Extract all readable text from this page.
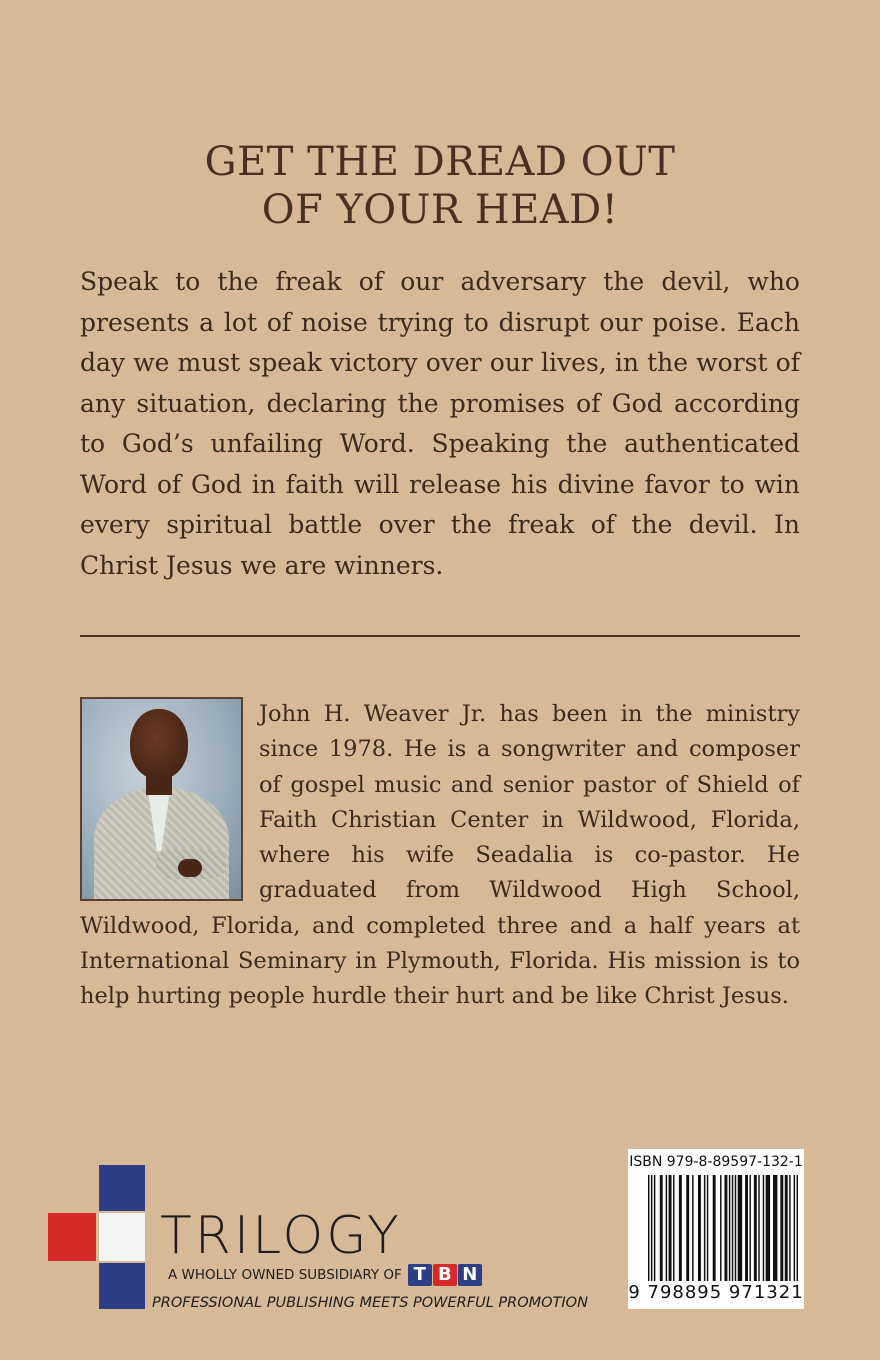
GET THE DREAD OUT
OF YOUR HEAD!

Speak to the freak of our adversary the devil, who presents a lot of noise trying to disrupt our poise. Each day we must speak victory over our lives, in the worst of any situation, declaring the promises of God according to God’s unfailing Word. Speaking the authenticated Word of God in faith will release his divine favor to win every spiritual battle over the freak of the devil. In Christ Jesus we are winners.

John H. Weaver Jr. has been in the ministry since 1978. He is a songwriter and composer of gospel music and senior pastor of Shield of Faith Christian Center in Wildwood, Florida, where his wife Seadalia is co-pastor. He graduated from Wildwood High School, Wildwood, Florida, and completed three and a half years at International Seminary in Plymouth, Florida. His mission is to help hurting people hurdle their hurt and be like Christ Jesus.
TRILOGY
A WHOLLY OWNED SUBSIDIARY OF T B N
PROFESSIONAL PUBLISHING MEETS POWERFUL PROMOTION
ISBN 979-8-89597-132-1
9 798895 971321
